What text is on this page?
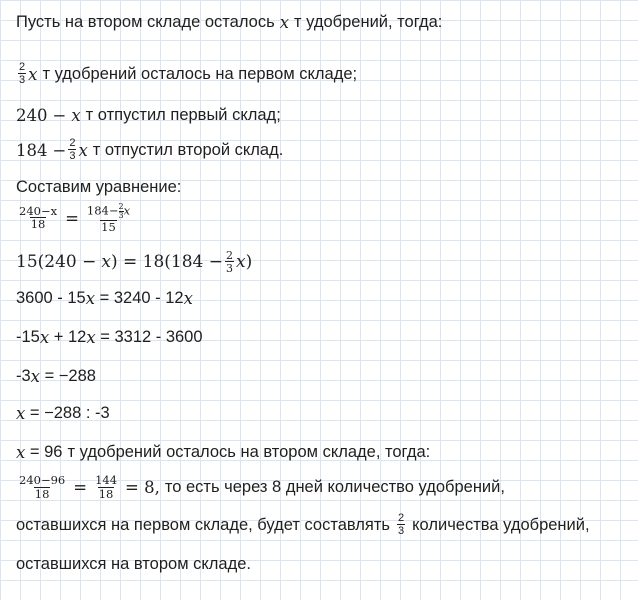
Пусть на втором складе осталось x т удобрений, тогда:
$\frac{2}{3}$ x т удобрений осталось на первом складе;
240 − x т отпустил первый склад;
$184 - \frac{2}{3}$ x т отпустил второй склад.
Составим уравнение:
$\frac{240-x}{18} = \frac{184- \frac{2}{3} x}{15}$
15(240 − x ) = $18(184 - \frac{2}{3}$ x )
3600 - 15 x = 3240 - 12 x
-15 x + 12 x = 3312 - 3600
-3 x = −288
x = −288 : -3
x = 96 т удобрений осталось на втором складе, тогда:
$\frac{240-96}{18} = \frac{144}{18} = 8$, то есть через 8 дней количество удобрений,
оставшихся на первом складе, будет составлять $\frac{2}{3}$ количества удобрений,
оставшихся на втором складе.
